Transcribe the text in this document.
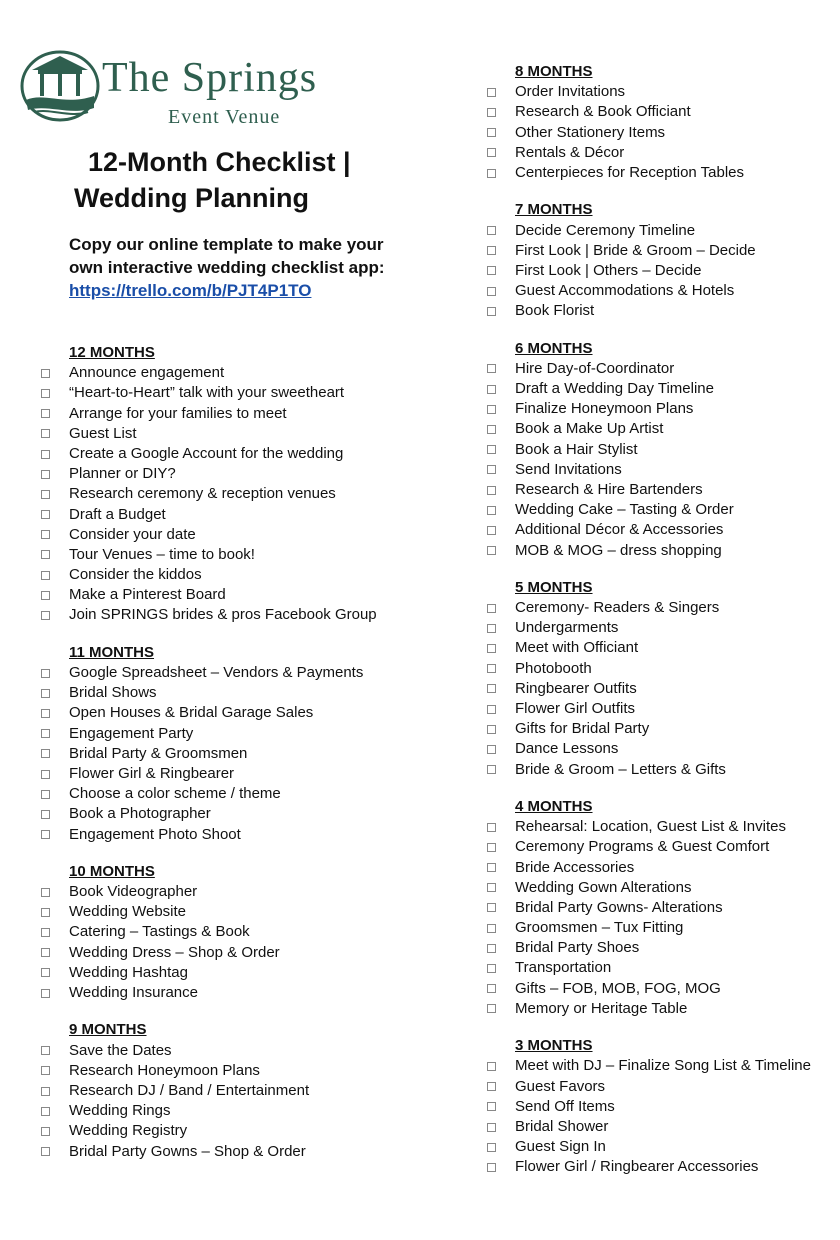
The Springs
Event Venue
12-Month Checklist |
Wedding Planning
Copy our online template to make your own interactive wedding checklist app:
https://trello.com/b/PJT4P1TO
12 MONTHS
Announce engagement
“Heart-to-Heart” talk with your sweetheart
Arrange for your families to meet
Guest List
Create a Google Account for the wedding
Planner or DIY?
Research ceremony & reception venues
Draft a Budget
Consider your date
Tour Venues – time to book!
Consider the kiddos
Make a Pinterest Board
Join SPRINGS brides & pros Facebook Group
11 MONTHS
Google Spreadsheet – Vendors & Payments
Bridal Shows
Open Houses & Bridal Garage Sales
Engagement Party
Bridal Party & Groomsmen
Flower Girl & Ringbearer
Choose a color scheme / theme
Book a Photographer
Engagement Photo Shoot
10 MONTHS
Book Videographer
Wedding Website
Catering – Tastings & Book
Wedding Dress – Shop & Order
Wedding Hashtag
Wedding Insurance
9 MONTHS
Save the Dates
Research Honeymoon Plans
Research DJ / Band / Entertainment
Wedding Rings
Wedding Registry
Bridal Party Gowns – Shop & Order
8 MONTHS
Order Invitations
Research & Book Officiant
Other Stationery Items
Rentals & Décor
Centerpieces for Reception Tables
7 MONTHS
Decide Ceremony Timeline
First Look | Bride & Groom – Decide
First Look | Others – Decide
Guest Accommodations & Hotels
Book Florist
6 MONTHS
Hire Day-of-Coordinator
Draft a Wedding Day Timeline
Finalize Honeymoon Plans
Book a Make Up Artist
Book a Hair Stylist
Send Invitations
Research & Hire Bartenders
Wedding Cake – Tasting & Order
Additional Décor & Accessories
MOB & MOG – dress shopping
5 MONTHS
Ceremony- Readers & Singers
Undergarments
Meet with Officiant
Photobooth
Ringbearer Outfits
Flower Girl Outfits
Gifts for Bridal Party
Dance Lessons
Bride & Groom – Letters & Gifts
4 MONTHS
Rehearsal: Location, Guest List & Invites
Ceremony Programs & Guest Comfort
Bride Accessories
Wedding Gown Alterations
Bridal Party Gowns- Alterations
Groomsmen – Tux Fitting
Bridal Party Shoes
Transportation
Gifts – FOB, MOB, FOG, MOG
Memory or Heritage Table
3 MONTHS
Meet with DJ – Finalize Song List & Timeline
Guest Favors
Send Off Items
Bridal Shower
Guest Sign In
Flower Girl / Ringbearer Accessories
